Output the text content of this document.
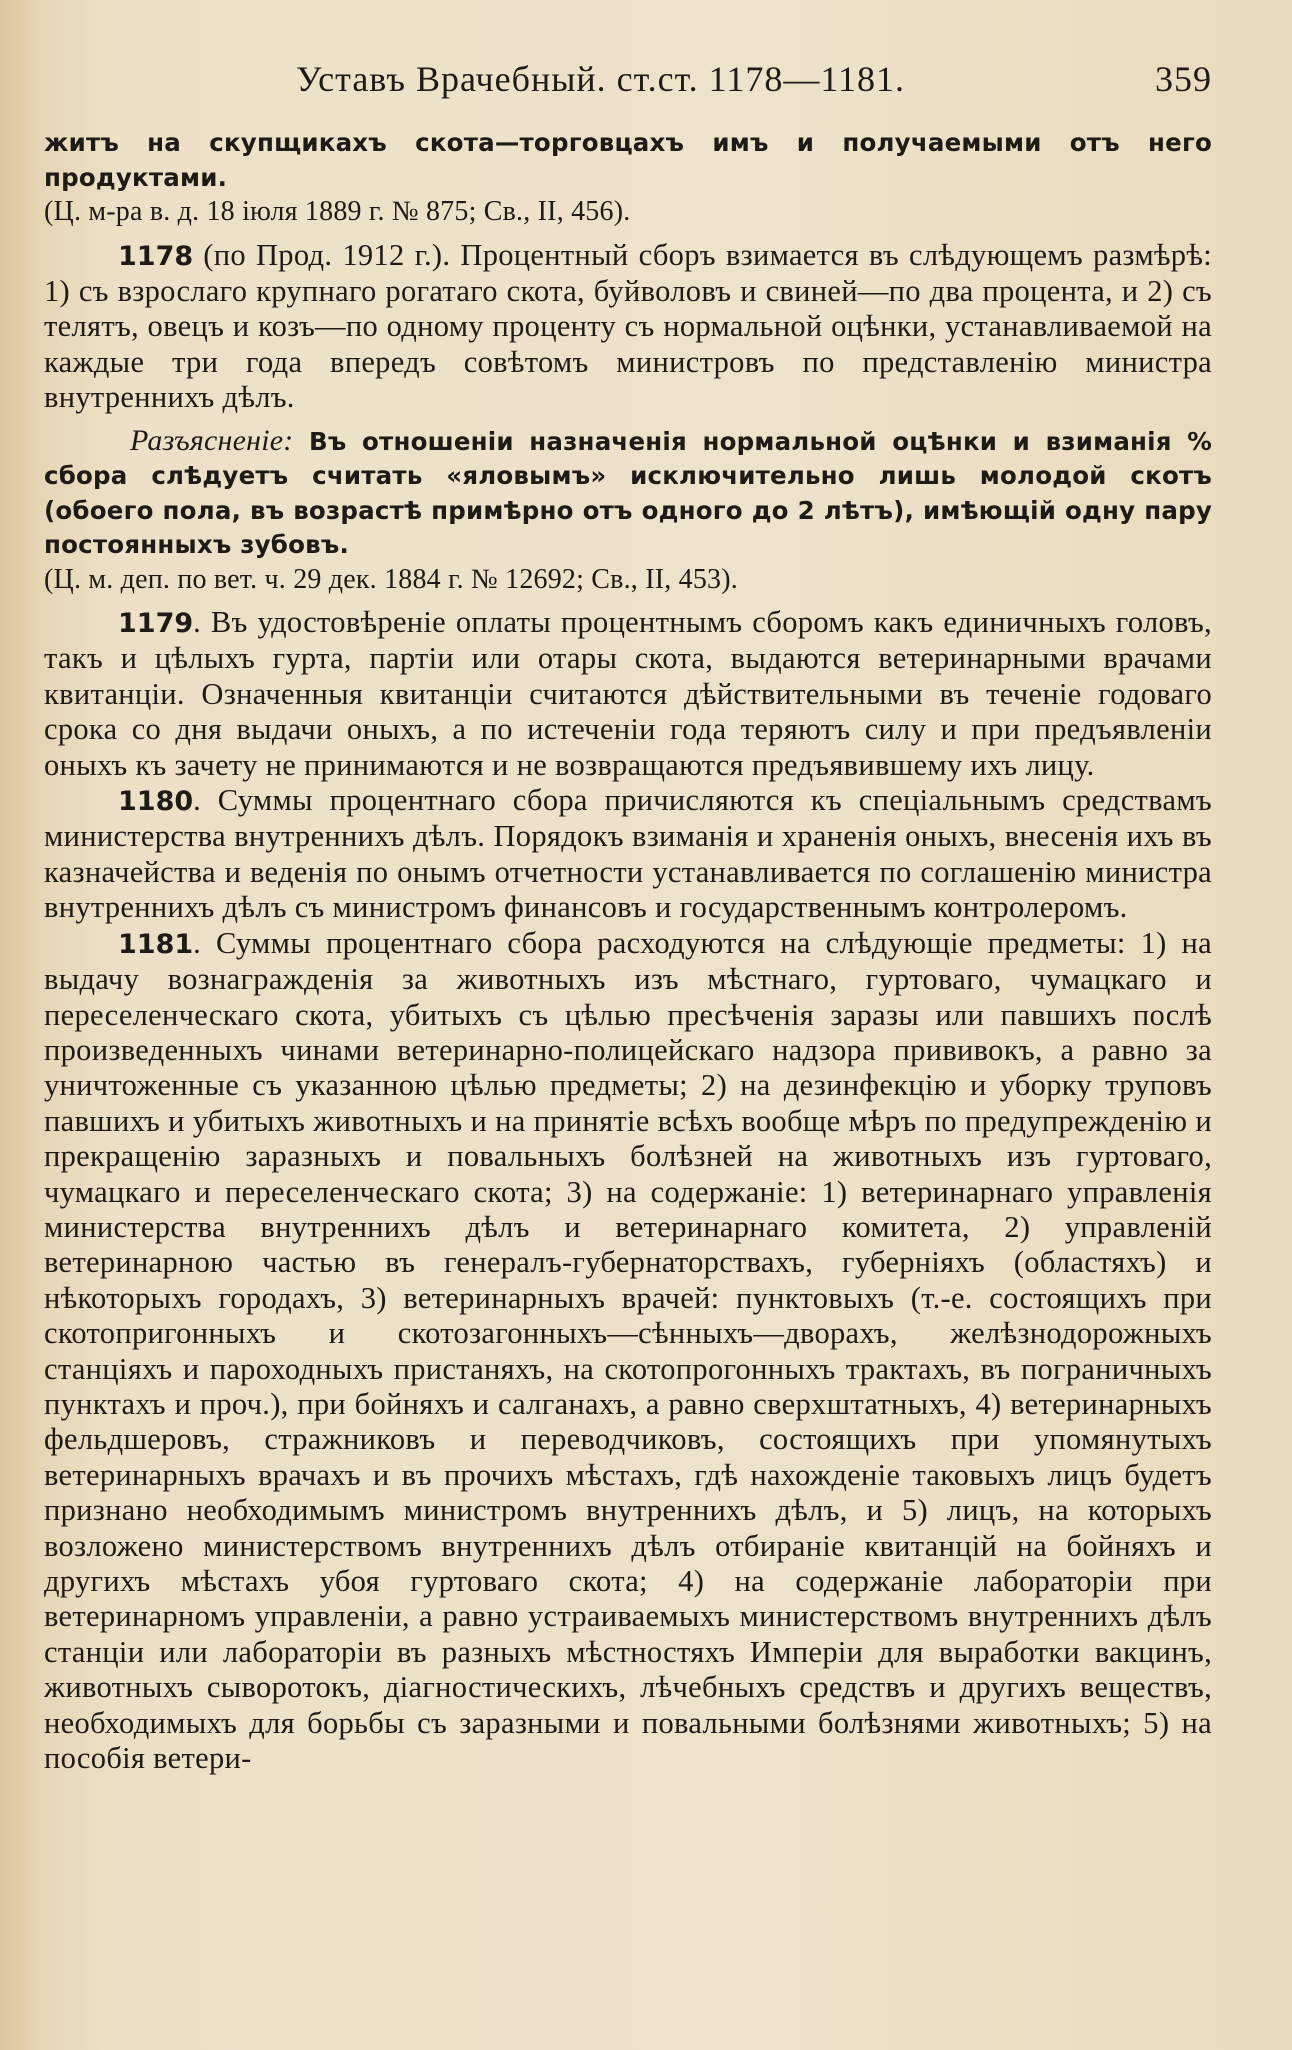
Уставъ Врачебный. ст.ст. 1178—1181.	359

житъ на скупщикахъ скота—торговцахъ имъ и получаемыми отъ него продуктами.
(Ц. м-ра в. д. 18 іюля 1889 г. № 875; Св., II, 456).

1178 (по Прод. 1912 г.). Процентный сборъ взимается въ слѣдующемъ размѣрѣ: 1) съ взрослаго крупнаго рогатаго скота, буйволовъ и свиней—по два процента, и 2) съ телятъ, овецъ и козъ—по одному проценту съ нормальной оцѣнки, устанавливаемой на каждые три года впередъ совѣтомъ министровъ по представленію министра внутреннихъ дѣлъ.

Разъясненіе: Въ отношеніи назначенія нормальной оцѣнки и взиманія % сбора слѣдуетъ считать «яловымъ» исключительно лишь молодой скотъ (обоего пола, въ возрастѣ примѣрно отъ одного до 2 лѣтъ), имѣющій одну пару постоянныхъ зубовъ.
(Ц. м. деп. по вет. ч. 29 дек. 1884 г. № 12692; Св., II, 453).

1179. Въ удостовѣреніе оплаты процентнымъ сборомъ какъ единичныхъ головъ, такъ и цѣлыхъ гурта, партіи или отары скота, выдаются ветеринарными врачами квитанціи. Означенныя квитанціи считаются дѣйствительными въ теченіе годоваго срока со дня выдачи оныхъ, а по истеченіи года теряютъ силу и при предъявленіи оныхъ къ зачету не принимаются и не возвращаются предъявившему ихъ лицу.

1180. Суммы процентнаго сбора причисляются къ спеціальнымъ средствамъ министерства внутреннихъ дѣлъ. Порядокъ взиманія и храненія оныхъ, внесенія ихъ въ казначейства и веденія по онымъ отчетности устанавливается по соглашенію министра внутреннихъ дѣлъ съ министромъ финансовъ и государственнымъ контролеромъ.

1181. Суммы процентнаго сбора расходуются на слѣдующіе предметы: 1) на выдачу вознагражденія за животныхъ изъ мѣстнаго, гуртоваго, чумацкаго и переселенческаго скота, убитыхъ съ цѣлью пресѣченія заразы или павшихъ послѣ произведенныхъ чинами ветеринарно-полицейскаго надзора прививокъ, а равно за уничтоженные съ указанною цѣлью предметы; 2) на дезинфекцію и уборку труповъ павшихъ и убитыхъ животныхъ и на принятіе всѣхъ вообще мѣръ по предупрежденію и прекращенію заразныхъ и повальныхъ болѣзней на животныхъ изъ гуртоваго, чумацкаго и переселенческаго скота; 3) на содержаніе: 1) ветеринарнаго управленія министерства внутреннихъ дѣлъ и ветеринарнаго комитета, 2) управленій ветеринарною частью въ генералъ-губернаторствахъ, губерніяхъ (областяхъ) и нѣкоторыхъ городахъ, 3) ветеринарныхъ врачей: пунктовыхъ (т.-е. состоящихъ при скотопригонныхъ и скотозагонныхъ—сѣнныхъ—дворахъ, желѣзнодорожныхъ станціяхъ и пароходныхъ пристаняхъ, на скотопрогонныхъ трактахъ, въ пограничныхъ пунктахъ и проч.), при бойняхъ и салганахъ, а равно сверхштатныхъ, 4) ветеринарныхъ фельдшеровъ, стражниковъ и переводчиковъ, состоящихъ при упомянутыхъ ветеринарныхъ врачахъ и въ прочихъ мѣстахъ, гдѣ нахожденіе таковыхъ лицъ будетъ признано необходимымъ министромъ внутреннихъ дѣлъ, и 5) лицъ, на которыхъ возложено министерствомъ внутреннихъ дѣлъ отбираніе квитанцій на бойняхъ и другихъ мѣстахъ убоя гуртоваго скота; 4) на содержаніе лабораторіи при ветеринарномъ управленіи, а равно устраиваемыхъ министерствомъ внутреннихъ дѣлъ станціи или лабораторіи въ разныхъ мѣстностяхъ Имперіи для выработки вакцинъ, животныхъ сыворотокъ, діагностическихъ, лѣчебныхъ средствъ и другихъ веществъ, необходимыхъ для борьбы съ заразными и повальными болѣзнями животныхъ; 5) на пособія ветери-
